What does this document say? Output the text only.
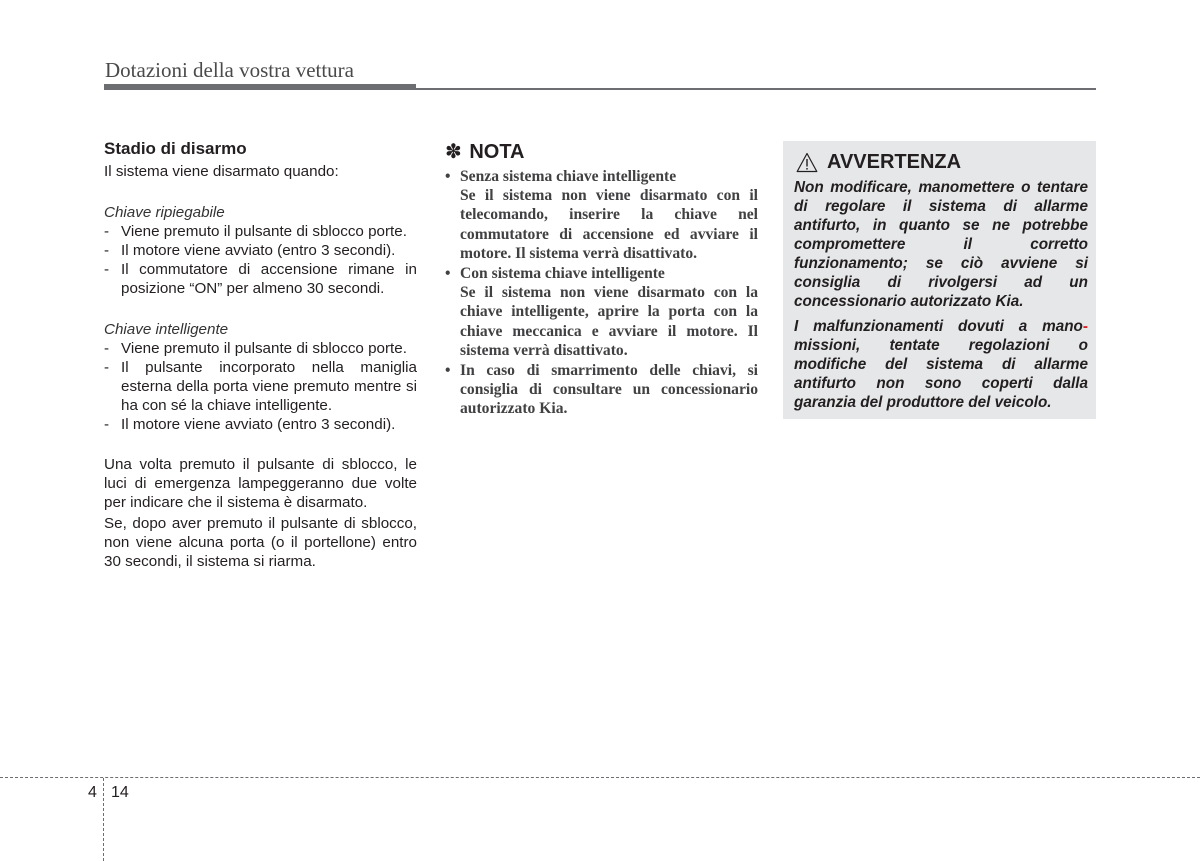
Dotazioni della vostra vettura
Stadio di disarmo

Il sistema viene disarmato quando:

Chiave ripiegabile
- Viene premuto il pulsante di sblocco porte.
- Il motore viene avviato (entro 3 secondi).
- Il commutatore di accensione rimane in posizione “ON” per almeno 30 secondi.
Chiave intelligente
- Viene premuto il pulsante di sblocco porte.
- Il pulsante incorporato nella maniglia esterna della porta viene premuto mentre si ha con sé la chiave intelligente.
- Il motore viene avviato (entro 3 secondi).

Una volta premuto il pulsante di sblocco, le luci di emergenza lampeggeranno due volte per indicare che il sistema è disarmato.

Se, dopo aver premuto il pulsante di sblocco, non viene alcuna porta (o il portellone) entro 30 secondi, il sistema si riarma.

✽ NOTA
• Senza sistema chiave intelligente
Se il sistema non viene disarmato con il telecomando, inserire la chiave nel commutatore di accensione ed avviare il motore. Il sistema verrà disattivato.
• Con sistema chiave intelligente
Se il sistema non viene disarmato con la chiave intelligente, aprire la porta con la chiave meccanica e avviare il motore. Il sistema verrà disattivato.
• In caso di smarrimento delle chiavi, si consiglia di consultare un concessionario autorizzato Kia.
AVVERTENZA

Non modificare, manomettere o tentare di regolare il sistema di allarme antifurto, in quanto se ne potrebbe compromettere il corretto funzionamento; se ciò avviene si consiglia di rivolgersi ad un concessionario autorizzato Kia.

I malfunzionamenti dovuti a mano- missioni, tentate regolazioni o modifiche del sistema di allarme antifurto non sono coperti dalla garanzia del produttore del veicolo.

4 14
